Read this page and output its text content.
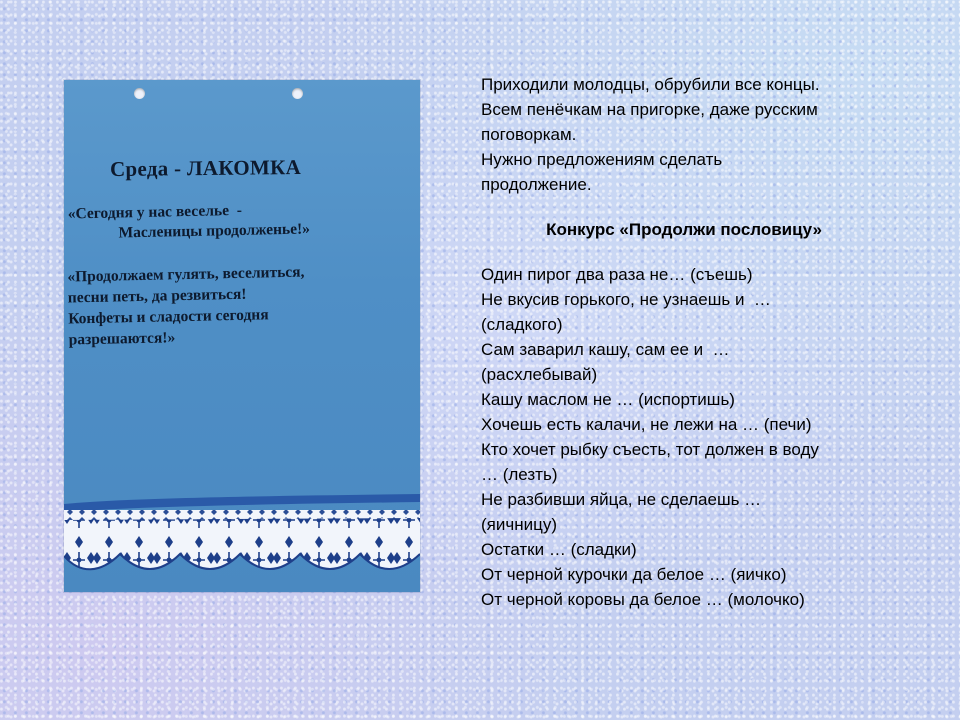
Среда - ЛАКОМКА

«Сегодня у нас веселье  -
Масленицы продолженье!»

«Продолжаем гулять, веселиться,
песни петь, да резвиться!
Конфеты и сладости сегодня
разрешаются!»

Приходили молодцы, обрубили все концы.
Всем пенёчкам на пригорке, даже русским
поговоркам.
Нужно предложениям сделать
продолжение.
Конкурс «Продолжи пословицу»
Один пирог два раза не… (съешь)
Не вкусив горького, не узнаешь и  …
(сладкого)
Сам заварил кашу, сам ее и  …
(расхлебывай)
Кашу маслом не … (испортишь)
Хочешь есть калачи, не лежи на … (печи)
Кто хочет рыбку съесть, тот должен в воду
… (лезть)
Не разбивши яйца, не сделаешь …
(яичницу)
Остатки … (сладки)
От черной курочки да белое … (яичко)
От черной коровы да белое … (молочко)
